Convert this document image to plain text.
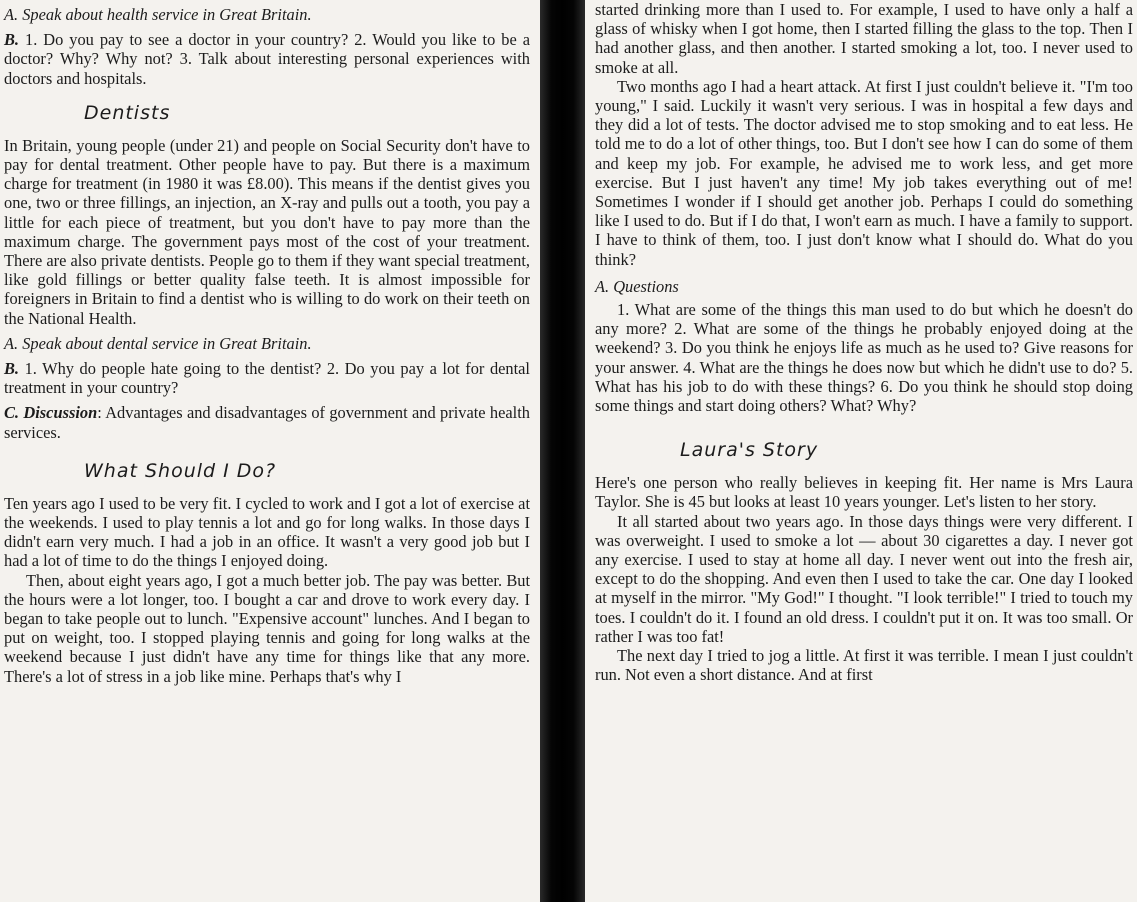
A. Speak about health service in Great Britain.

B. 1. Do you pay to see a doctor in your country? 2. Would you like to be a doctor? Why? Why not? 3. Talk about interesting personal experiences with doctors and hospitals.

Dentists

In Britain, young people (under 21) and people on Social Security don't have to pay for dental treatment. Other people have to pay. But there is a maximum charge for treatment (in 1980 it was £8.00). This means if the dentist gives you one, two or three fillings, an injection, an X-ray and pulls out a tooth, you pay a little for each piece of treatment, but you don't have to pay more than the maximum charge. The government pays most of the cost of your treatment. There are also private dentists. People go to them if they want special treatment, like gold fillings or better quality false teeth. It is almost impossible for foreigners in Britain to find a dentist who is willing to do work on their teeth on the National Health.

A. Speak about dental service in Great Britain.

B. 1. Why do people hate going to the dentist? 2. Do you pay a lot for dental treatment in your country?

C. Discussion: Advantages and disadvantages of government and private health services.

What Should I Do?

Ten years ago I used to be very fit. I cycled to work and I got a lot of exercise at the weekends. I used to play tennis a lot and go for long walks. In those days I didn't earn very much. I had a job in an office. It wasn't a very good job but I had a lot of time to do the things I enjoyed doing.

Then, about eight years ago, I got a much better job. The pay was better. But the hours were a lot longer, too. I bought a car and drove to work every day. I began to take people out to lunch. "Expensive account" lunches. And I began to put on weight, too. I stopped playing tennis and going for long walks at the weekend because I just didn't have any time for things like that any more. There's a lot of stress in a job like mine. Perhaps that's why I

started drinking more than I used to. For example, I used to have only a half a glass of whisky when I got home, then I started filling the glass to the top. Then I had another glass, and then another. I started smoking a lot, too. I never used to smoke at all.

Two months ago I had a heart attack. At first I just couldn't believe it. "I'm too young," I said. Luckily it wasn't very serious. I was in hospital a few days and they did a lot of tests. The doctor advised me to stop smoking and to eat less. He told me to do a lot of other things, too. But I don't see how I can do some of them and keep my job. For example, he advised me to work less, and get more exercise. But I just haven't any time! My job takes everything out of me! Sometimes I wonder if I should get another job. Perhaps I could do something like I used to do. But if I do that, I won't earn as much. I have a family to support. I have to think of them, too. I just don't know what I should do. What do you think?

A. Questions

1. What are some of the things this man used to do but which he doesn't do any more? 2. What are some of the things he probably enjoyed doing at the weekend? 3. Do you think he enjoys life as much as he used to? Give reasons for your answer. 4. What are the things he does now but which he didn't use to do? 5. What has his job to do with these things? 6. Do you think he should stop doing some things and start doing others? What? Why?

Laura's Story

Here's one person who really believes in keeping fit. Her name is Mrs Laura Taylor. She is 45 but looks at least 10 years younger. Let's listen to her story.

It all started about two years ago. In those days things were very different. I was overweight. I used to smoke a lot — about 30 cigarettes a day. I never got any exercise. I used to stay at home all day. I never went out into the fresh air, except to do the shopping. And even then I used to take the car. One day I looked at myself in the mirror. "My God!" I thought. "I look terrible!" I tried to touch my toes. I couldn't do it. I found an old dress. I couldn't put it on. It was too small. Or rather I was too fat!

The next day I tried to jog a little. At first it was terrible. I mean I just couldn't run. Not even a short distance. And at first
